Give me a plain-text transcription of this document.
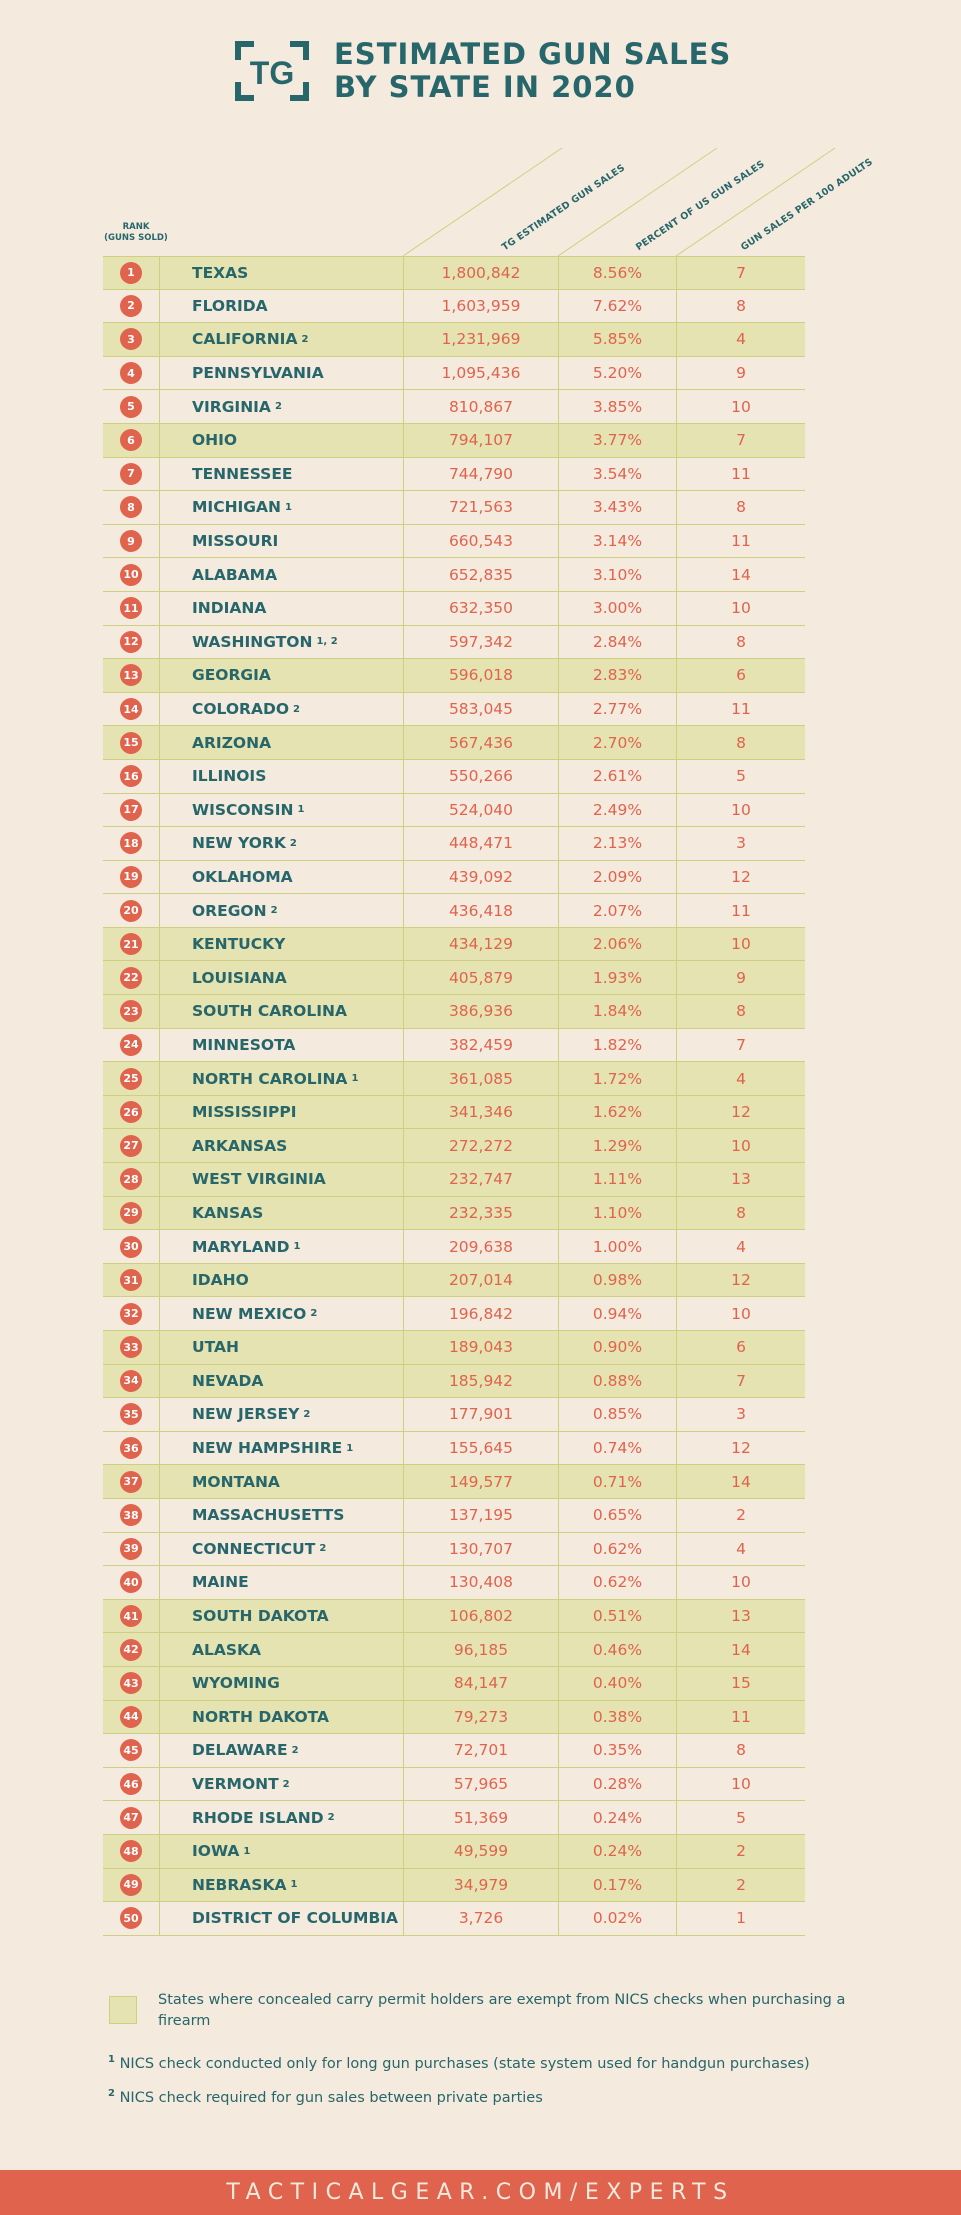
TG
ESTIMATED GUN SALES
BY STATE IN 2020
RANK
(GUNS SOLD)	TG ESTIMATED GUN SALES PERCENT OF US GUN SALES
GUN SALES PER 100 ADULTS
1	TEXAS	1,800,842	8.56%	7
2	FLORIDA	1,603,959	7.62%	8
3	CALIFORNIA 2	1,231,969	5.85%	4
4	PENNSYLVANIA	1,095,436	5.20%	9
5	VIRGINIA 2	810,867	3.85%	10
6	OHIO	794,107	3.77%	7
7	TENNESSEE	744,790	3.54%	11
8	MICHIGAN 1	721,563	3.43%	8
9	MISSOURI	660,543	3.14%	11
10	ALABAMA	652,835	3.10%	14
11	INDIANA	632,350	3.00%	10
12	WASHINGTON 1, 2	597,342	2.84%	8
13	GEORGIA	596,018	2.83%	6
14	COLORADO 2	583,045	2.77%	11
15	ARIZONA	567,436	2.70%	8
16	ILLINOIS	550,266	2.61%	5
17	WISCONSIN 1	524,040	2.49%	10
18	NEW YORK 2	448,471	2.13%	3
19	OKLAHOMA	439,092	2.09%	12
20	OREGON 2	436,418	2.07%	11
21	KENTUCKY	434,129	2.06%	10
22	LOUISIANA	405,879	1.93%	9
23	SOUTH CAROLINA	386,936	1.84%	8
24	MINNESOTA	382,459	1.82%	7
25	NORTH CAROLINA 1	361,085	1.72%	4
26	MISSISSIPPI	341,346	1.62%	12
27	ARKANSAS	272,272	1.29%	10
28	WEST VIRGINIA	232,747	1.11%	13
29	KANSAS	232,335	1.10%	8
30	MARYLAND 1	209,638	1.00%	4
31	IDAHO	207,014	0.98%	12
32	NEW MEXICO 2	196,842	0.94%	10
33	UTAH	189,043	0.90%	6
34	NEVADA	185,942	0.88%	7
35	NEW JERSEY 2	177,901	0.85%	3
36	NEW HAMPSHIRE 1	155,645	0.74%	12
37	MONTANA	149,577	0.71%	14
38	MASSACHUSETTS	137,195	0.65%	2
39	CONNECTICUT 2	130,707	0.62%	4
40	MAINE	130,408	0.62%	10
41	SOUTH DAKOTA	106,802	0.51%	13
42	ALASKA	96,185	0.46%	14
43	WYOMING	84,147	0.40%	15
44	NORTH DAKOTA	79,273	0.38%	11
45	DELAWARE 2	72,701	0.35%	8
46	VERMONT 2	57,965	0.28%	10
47	RHODE ISLAND 2	51,369	0.24%	5
48	IOWA 1	49,599	0.24%	2
49	NEBRASKA 1	34,979	0.17%	2
50	DISTRICT OF COLUMBIA	3,726	0.02%	1
States where concealed carry permit holders are exempt from NICS checks when purchasing a firearm
$^1$ NICS check conducted only for long gun purchases (state system used for handgun purchases)
$^2$ NICS check required for gun sales between private parties
TACTICALGEAR.COM/EXPERTS
